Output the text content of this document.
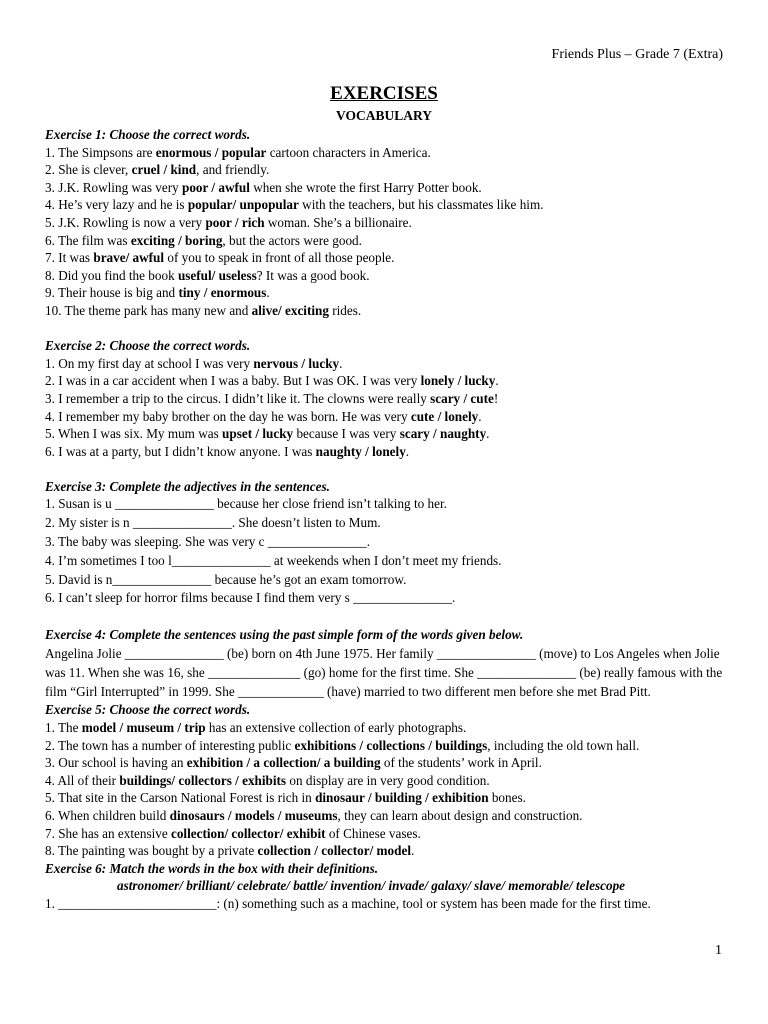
Friends Plus – Grade 7 (Extra)
EXERCISES
VOCABULARY
Exercise 1: Choose the correct words.
1. The Simpsons are enormous / popular cartoon characters in America.
2. She is clever, cruel / kind, and friendly.
3. J.K. Rowling was very poor / awful when she wrote the first Harry Potter book.
4. He’s very lazy and he is popular/ unpopular with the teachers, but his classmates like him.
5. J.K. Rowling is now a very poor / rich woman. She’s a billionaire.
6. The film was exciting / boring, but the actors were good.
7. It was brave/ awful of you to speak in front of all those people.
8. Did you find the book useful/ useless? It was a good book.
9. Their house is big and tiny / enormous.
10. The theme park has many new and alive/ exciting rides.
Exercise 2: Choose the correct words.
1. On my first day at school I was very nervous / lucky.
2. I was in a car accident when I was a baby. But I was OK. I was very lonely / lucky.
3. I remember a trip to the circus. I didn’t like it. The clowns were really scary / cute!
4. I remember my baby brother on the day he was born. He was very cute / lonely.
5. When I was six. My mum was upset / lucky because I was very scary / naughty.
6. I was at a party, but I didn’t know anyone. I was naughty / lonely.
Exercise 3: Complete the adjectives in the sentences.
1. Susan is u _______________ because her close friend isn’t talking to her.
2. My sister is n _______________. She doesn’t listen to Mum.
3. The baby was sleeping. She was very c _______________.
4. I’m sometimes I too l_______________ at weekends when I don’t meet my friends.
5. David is n_______________ because he’s got an exam tomorrow.
6. I can’t sleep for horror films because I find them very s _______________.
Exercise 4: Complete the sentences using the past simple form of the words given below.
Angelina Jolie _______________ (be) born on 4th June 1975. Her family _______________ (move) to Los Angeles when Jolie was 11. When she was 16, she ______________ (go) home for the first time. She _______________ (be) really famous with the film “Girl Interrupted” in 1999. She _____________ (have) married to two different men before she met Brad Pitt.
Exercise 5: Choose the correct words.
1. The model / museum / trip has an extensive collection of early photographs.
2. The town has a number of interesting public exhibitions / collections / buildings, including the old town hall.
3. Our school is having an exhibition / a collection/ a building of the students’ work in April.
4. All of their buildings/ collectors / exhibits on display are in very good condition.
5. That site in the Carson National Forest is rich in dinosaur / building / exhibition bones.
6. When children build dinosaurs / models / museums, they can learn about design and construction.
7. She has an extensive collection/ collector/ exhibit of Chinese vases.
8. The painting was bought by a private collection / collector/ model.
Exercise 6: Match the words in the box with their definitions.
astronomer/ brilliant/ celebrate/ battle/ invention/ invade/ galaxy/ slave/ memorable/ telescope
1. ________________________: (n) something such as a machine, tool or system has been made for the first time.
1
